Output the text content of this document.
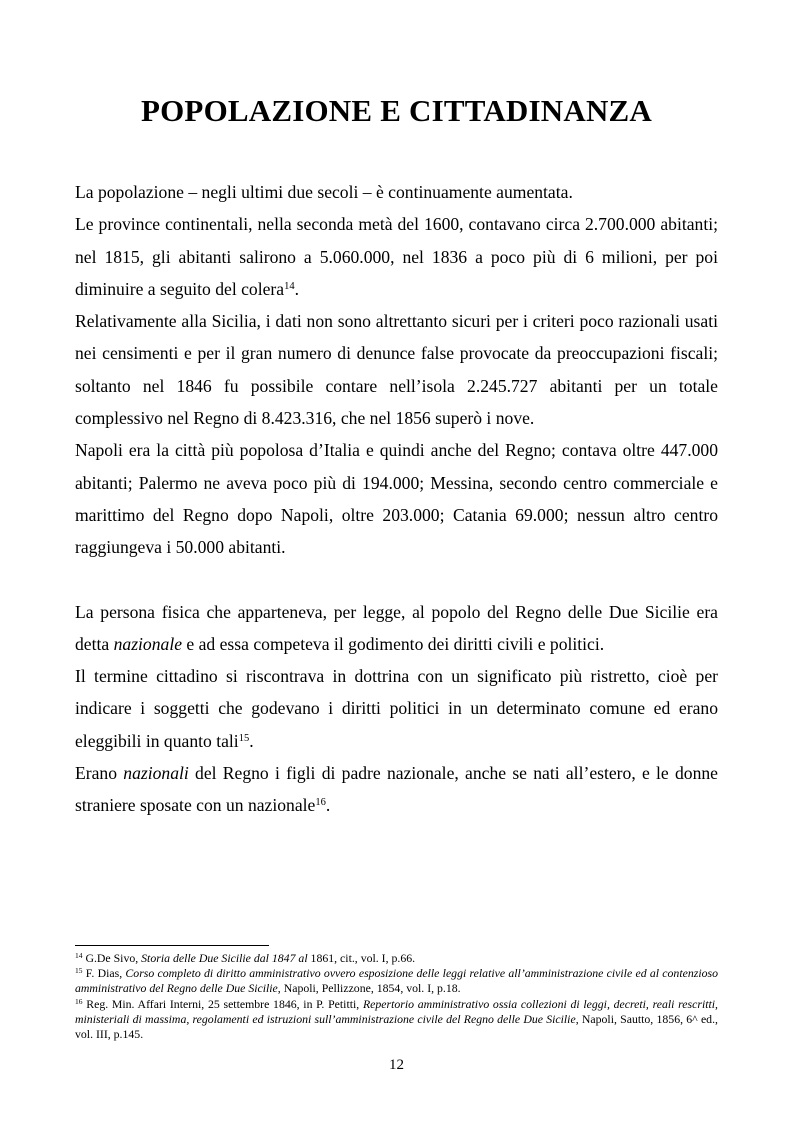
POPOLAZIONE E CITTADINANZA

La popolazione – negli ultimi due secoli – è continuamente aumentata.

Le province continentali, nella seconda metà del 1600, contavano circa 2.700.000 abitanti; nel 1815, gli abitanti salirono a 5.060.000, nel 1836 a poco più di 6 milioni, per poi diminuire a seguito del colera$^{14}$.

Relativamente alla Sicilia, i dati non sono altrettanto sicuri per i criteri poco razionali usati nei censimenti e per il gran numero di denunce false provocate da preoccupazioni fiscali; soltanto nel 1846 fu possibile contare nell’isola 2.245.727 abitanti per un totale complessivo nel Regno di 8.423.316, che nel 1856 superò i nove.

Napoli era la città più popolosa d’Italia e quindi anche del Regno; contava oltre 447.000 abitanti; Palermo ne aveva poco più di 194.000; Messina, secondo centro commerciale e marittimo del Regno dopo Napoli, oltre 203.000; Catania 69.000; nessun altro centro raggiungeva i 50.000 abitanti.

La persona fisica che apparteneva, per legge, al popolo del Regno delle Due Sicilie era detta nazionale e ad essa competeva il godimento dei diritti civili e politici.

Il termine cittadino si riscontrava in dottrina con un significato più ristretto, cioè per indicare i soggetti che godevano i diritti politici in un determinato comune ed erano eleggibili in quanto tali$^{15}$.

Erano nazionali del Regno i figli di padre nazionale, anche se nati all’estero, e le donne straniere sposate con un nazionale$^{16}$.

$^{14}$ G.De Sivo, Storia delle Due Sicilie dal 1847 al 1861, cit., vol. I, p.66.

$^{15}$ F. Dias, Corso completo di diritto amministrativo ovvero esposizione delle leggi relative all’amministrazione civile ed al contenzioso amministrativo del Regno delle Due Sicilie, Napoli, Pellizzone, 1854, vol. I, p.18.

$^{16}$ Reg. Min. Affari Interni, 25 settembre 1846, in P. Petitti, Repertorio amministrativo ossia collezioni di leggi, decreti, reali rescritti, ministeriali di massima, regolamenti ed istruzioni sull’amministrazione civile del Regno delle Due Sicilie, Napoli, Sautto, 1856, 6^ ed., vol. III, p.145.

12
